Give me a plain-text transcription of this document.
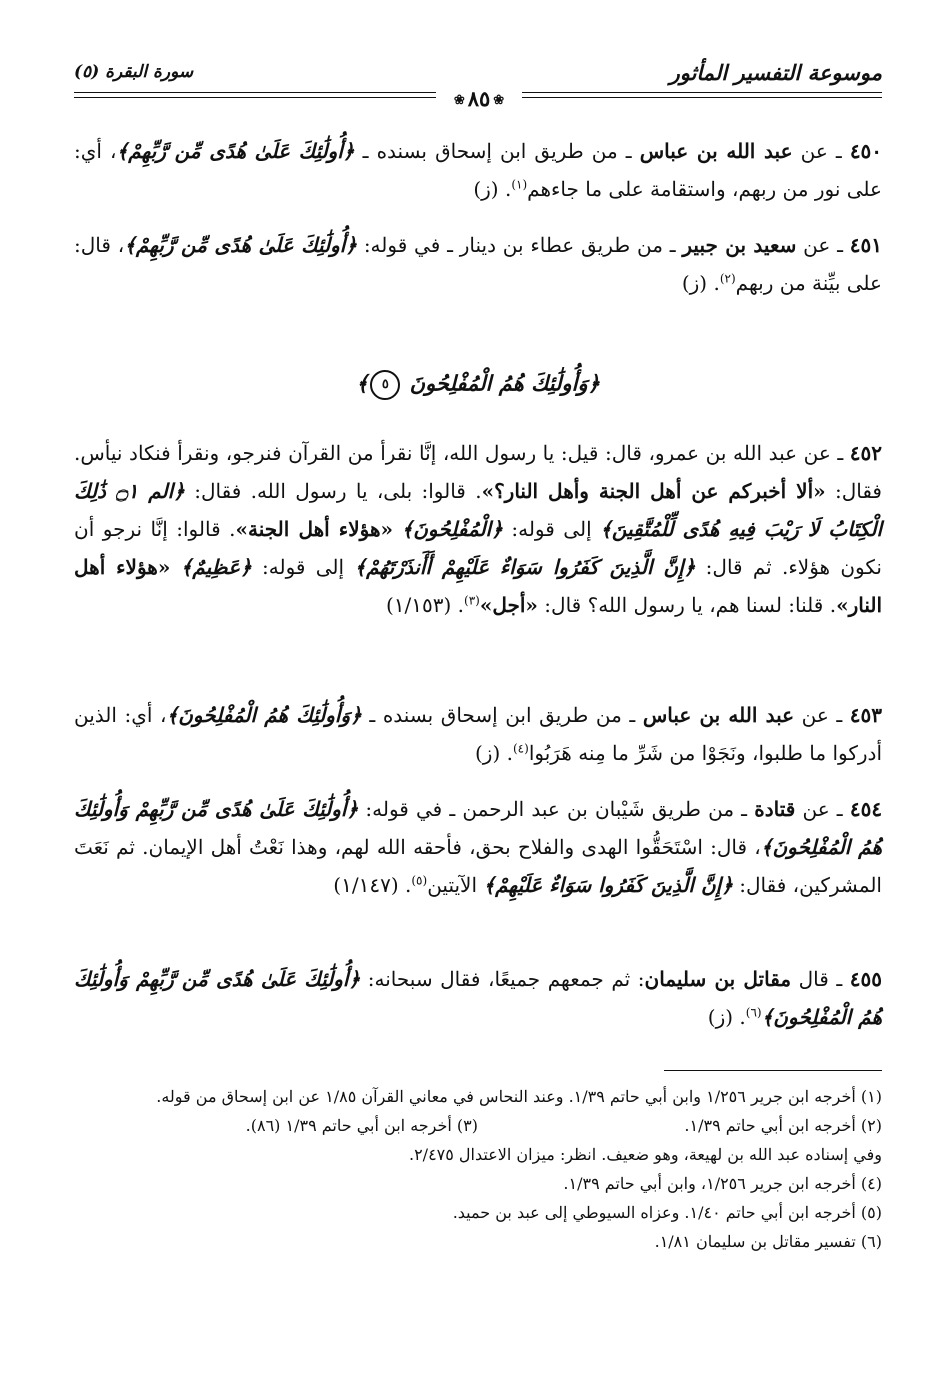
موسوعة التفسير المأثور
سورة البقرة (٥)
❀٨٥❀

٤٥٠ ـ عن عبد الله بن عباس ـ من طريق ابن إسحاق بسنده ـ ﴿أُولَٰئِكَ عَلَىٰ هُدًى مِّن رَّبِّهِمْ﴾، أي: على نور من ربهم، واستقامة على ما جاءهم$^{(١)}$. (ز)

٤٥١ ـ عن سعيد بن جبير ـ من طريق عطاء بن دينار ـ في قوله: ﴿أُولَٰئِكَ عَلَىٰ هُدًى مِّن رَّبِّهِمْ﴾، قال: على بيِّنة من ربهم$^{(٢)}$. (ز)

﴿وَأُولَٰئِكَ هُمُ الْمُفْلِحُونَ ٥﴾

٤٥٢ ـ عن عبد الله بن عمرو، قال: قيل: يا رسول الله، إنَّا نقرأ من القرآن فنرجو، ونقرأ فنكاد نيأس. فقال: «ألا أخبركم عن أهل الجنة وأهل النار؟». قالوا: بلى، يا رسول الله. فقال: ﴿الم ۝١ ذَٰلِكَ الْكِتَابُ لَا رَيْبَ فِيهِ هُدًى لِّلْمُتَّقِينَ﴾ إلى قوله: ﴿الْمُفْلِحُونَ﴾ «هؤلاء أهل الجنة». قالوا: إنَّا نرجو أن نكون هؤلاء. ثم قال: ﴿إِنَّ الَّذِينَ كَفَرُوا سَوَاءٌ عَلَيْهِمْ أَأَنذَرْتَهُمْ﴾ إلى قوله: ﴿عَظِيمٌ﴾ «هؤلاء أهل النار». قلنا: لسنا هم، يا رسول الله؟ قال: «أجل»$^{(٣)}$. (١/١٥٣)

٤٥٣ ـ عن عبد الله بن عباس ـ من طريق ابن إسحاق بسنده ـ ﴿وَأُولَٰئِكَ هُمُ الْمُفْلِحُونَ﴾، أي: الذين أدركوا ما طلبوا، ونَجَوْا من شَرِّ ما مِنه هَرَبُوا$^{(٤)}$. (ز)

٤٥٤ ـ عن قتادة ـ من طريق شَيْبان بن عبد الرحمن ـ في قوله: ﴿أُولَٰئِكَ عَلَىٰ هُدًى مِّن رَّبِّهِمْ وَأُولَٰئِكَ هُمُ الْمُفْلِحُونَ﴾، قال: اسْتَحَقُّوا الهدى والفلاح بحق، فأحقه الله لهم، وهذا نَعْتُ أهل الإيمان. ثم نَعَتَ المشركين، فقال: ﴿إِنَّ الَّذِينَ كَفَرُوا سَوَاءٌ عَلَيْهِمْ﴾ الآيتين$^{(٥)}$. (١/١٤٧)

٤٥٥ ـ قال مقاتل بن سليمان: ثم جمعهم جميعًا، فقال سبحانه: ﴿أُولَٰئِكَ عَلَىٰ هُدًى مِّن رَّبِّهِمْ وَأُولَٰئِكَ هُمُ الْمُفْلِحُونَ﴾$^{(٦)}$. (ز)

(١) أخرجه ابن جرير ١/٢٥٦ وابن أبي حاتم ١/٣٩. وعند النحاس في معاني القرآن ١/٨٥ عن ابن إسحاق من قوله.

(٢) أخرجه ابن أبي حاتم ١/٣٩.

(٣) أخرجه ابن أبي حاتم ١/٣٩ (٨٦).

وفي إسناده عبد الله بن لهيعة، وهو ضعيف. انظر: ميزان الاعتدال ٢/٤٧٥.

(٤) أخرجه ابن جرير ١/٢٥٦، وابن أبي حاتم ١/٣٩.

(٥) أخرجه ابن أبي حاتم ١/٤٠. وعزاه السيوطي إلى عبد بن حميد.

(٦) تفسير مقاتل بن سليمان ١/٨١.
